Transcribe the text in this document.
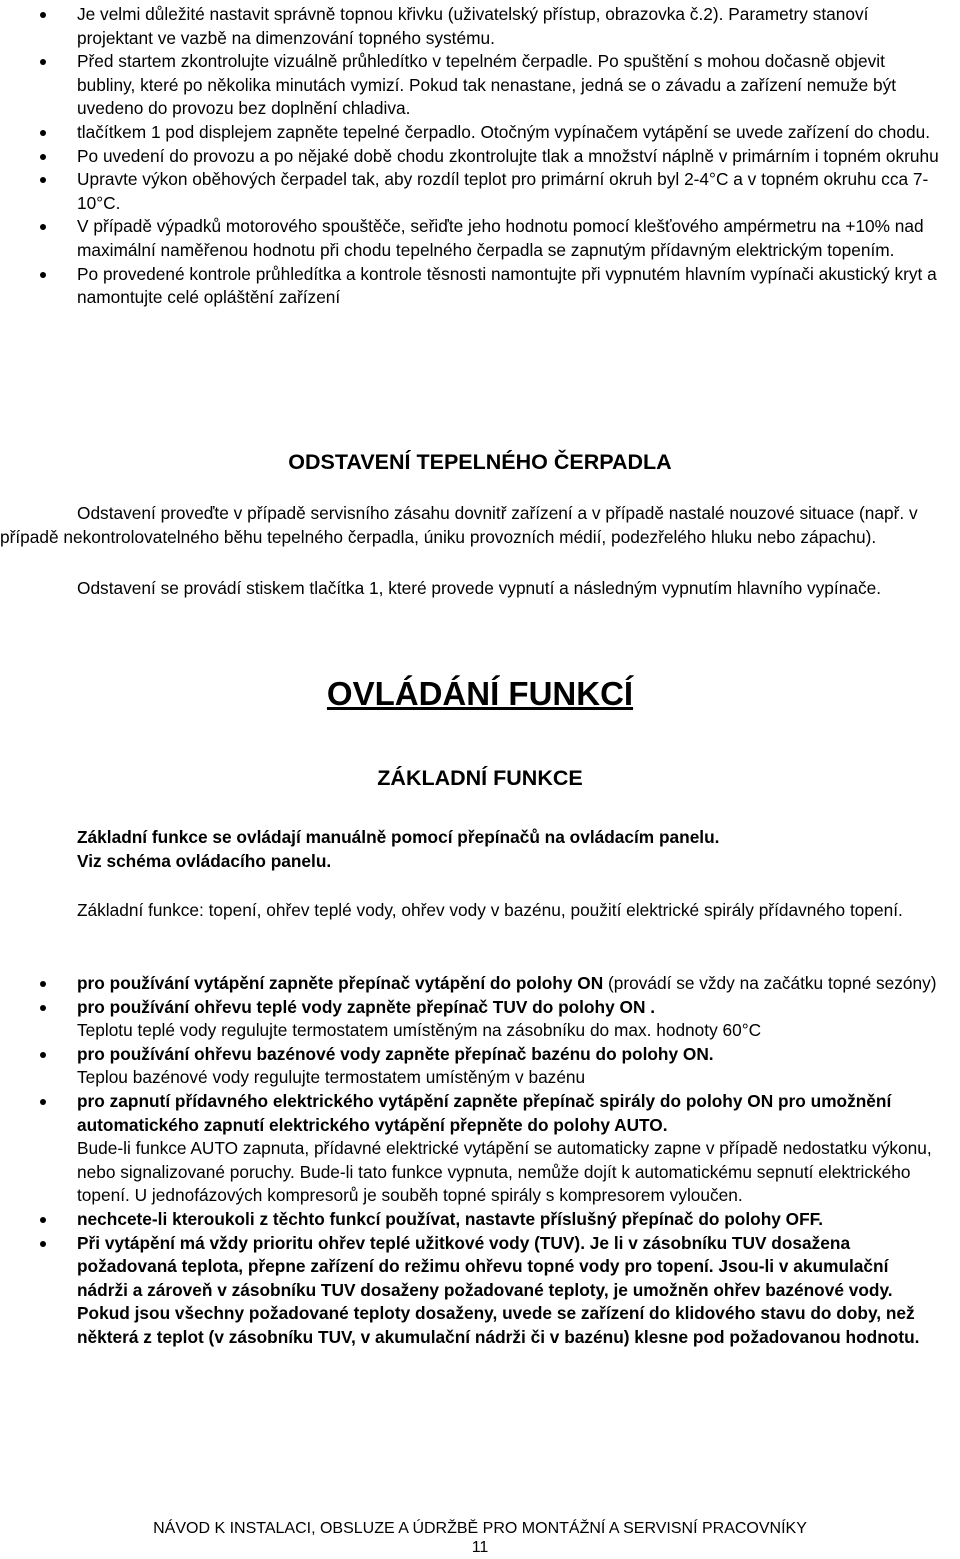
Je velmi důležité nastavit správně topnou křivku (uživatelský přístup, obrazovka č.2). Parametry stanoví projektant ve vazbě na dimenzování topného systému.
Před startem zkontrolujte vizuálně průhledítko v tepelném čerpadle. Po spuštění s mohou dočasně objevit bubliny, které po několika minutách vymizí. Pokud tak nenastane, jedná se o závadu a zařízení nemuže být uvedeno do provozu bez doplnění chladiva.
tlačítkem 1 pod displejem zapněte tepelné čerpadlo. Otočným vypínačem vytápění se uvede zařízení do chodu.
Po uvedení do provozu a po nějaké době chodu zkontrolujte tlak a množství náplně v primárním i topném okruhu
Upravte výkon oběhových čerpadel tak, aby rozdíl teplot pro primární okruh byl 2-4°C a v topném okruhu cca 7-10°C.
V případě výpadků motorového spouštěče, seřiďte jeho hodnotu pomocí klešťového ampérmetru na +10% nad maximální naměřenou hodnotu při chodu tepelného čerpadla se zapnutým přídavným elektrickým topením.
Po provedené kontrole průhledítka a kontrole těsnosti namontujte při vypnutém hlavním vypínači akustický kryt a namontujte celé opláštění zařízení
ODSTAVENÍ TEPELNÉHO ČERPADLA
Odstavení proveďte v případě servisního zásahu dovnitř zařízení a v případě nastalé nouzové situace (např. v případě nekontrolovatelného běhu tepelného čerpadla, úniku provozních médií, podezřelého hluku nebo zápachu).
Odstavení se provádí stiskem tlačítka 1, které provede vypnutí a následným vypnutím hlavního vypínače.
OVLÁDÁNÍ FUNKCÍ
ZÁKLADNÍ FUNKCE
Základní funkce se ovládají manuálně pomocí přepínačů na ovládacím panelu.
Viz schéma ovládacího panelu.
Základní funkce: topení, ohřev teplé vody, ohřev vody v bazénu, použití elektrické spirály přídavného topení.
pro používání vytápění zapněte přepínač vytápění do polohy ON (provádí se vždy na začátku topné sezóny)
pro používání ohřevu teplé vody zapněte přepínač TUV do polohy ON .
Teplotu teplé vody regulujte termostatem umístěným na zásobníku do max. hodnoty 60°C
pro používání ohřevu bazénové vody zapněte přepínač bazénu do polohy ON.
Teplou bazénové vody regulujte termostatem umístěným v bazénu
pro zapnutí přídavného elektrického vytápění zapněte přepínač spirály do polohy ON pro umožnění automatického zapnutí elektrického vytápění přepněte do polohy AUTO.
Bude-li funkce AUTO zapnuta, přídavné elektrické vytápění se automaticky zapne v případě nedostatku výkonu, nebo signalizované poruchy. Bude-li tato funkce vypnuta, nemůže dojít k automatickému sepnutí elektrického topení. U jednofázových kompresorů je souběh topné spirály s kompresorem vyloučen.
nechcete-li kteroukoli z těchto funkcí používat, nastavte příslušný přepínač do polohy OFF.
Při vytápění má vždy prioritu ohřev teplé užitkové vody (TUV). Je li v zásobníku TUV dosažena požadovaná teplota, přepne zařízení do režimu ohřevu topné vody pro topení. Jsou-li v akumulační nádrži a zároveň v zásobníku TUV dosaženy požadované teploty, je umožněn ohřev bazénové vody. Pokud jsou všechny požadované teploty dosaženy, uvede se zařízení do klidového stavu do doby, než některá z teplot (v zásobníku TUV, v akumulační nádrži či v bazénu) klesne pod požadovanou hodnotu.
NÁVOD K INSTALACI, OBSLUZE A ÚDRŽBĚ PRO MONTÁŽNÍ A SERVISNÍ PRACOVNÍKY
11
